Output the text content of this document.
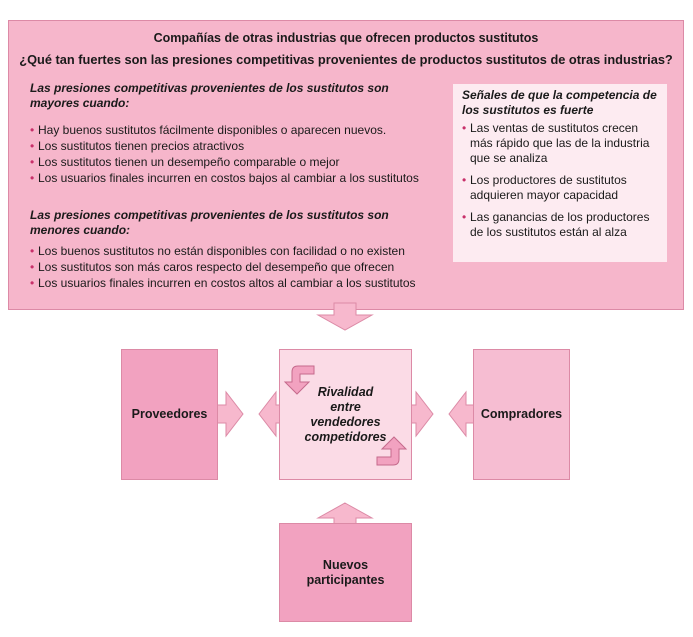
Compañías de otras industrias que ofrecen productos sustitutos
¿Qué tan fuertes son las presiones competitivas provenientes de productos sustitutos de otras industrias?
Las presiones competitivas provenientes de los sustitutos son mayores cuando:
• Hay buenos sustitutos fácilmente disponibles o aparecen nuevos.
• Los sustitutos tienen precios atractivos
• Los sustitutos tienen un desempeño comparable o mejor
• Los usuarios finales incurren en costos bajos al cambiar a los sustitutos
Las presiones competitivas provenientes de los sustitutos son menores cuando:
• Los buenos sustitutos no están disponibles con facilidad o no existen
• Los sustitutos son más caros respecto del desempeño que ofrecen
• Los usuarios finales incurren en costos altos al cambiar a los sustitutos
Señales de que la competencia de los sustitutos es fuerte
• Las ventas de sustitutos crecen más rápido que las de la industria que se analiza
• Los productores de sustitutos adquieren mayor capacidad
• Las ganancias de los productores de los sustitutos están al alza
Proveedores
Rivalidad entre vendedores competidores
Compradores
Nuevos participantes
